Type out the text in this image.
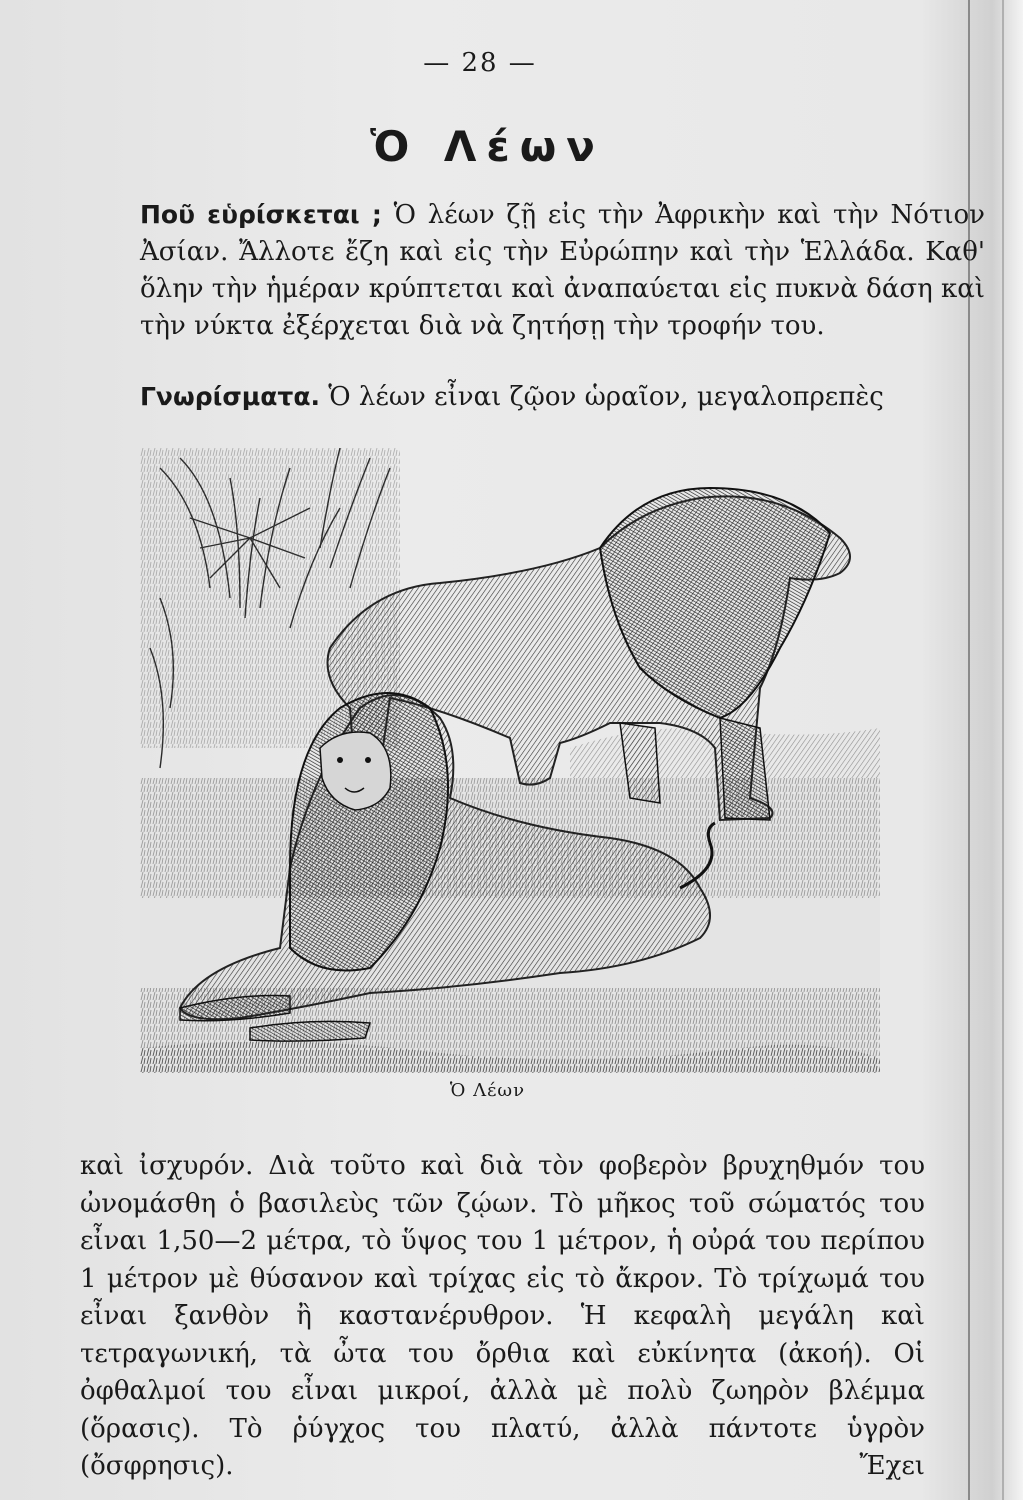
— 28 —
Ὁ Λέων

Ποῦ εὑρίσκεται ; Ὁ λέων ζῇ εἰς τὴν Ἀφρικὴν καὶ τὴν Νότιον Ἀσίαν. Ἄλλοτε ἔζη καὶ εἰς τὴν Εὐρώπην καὶ τὴν Ἑλλάδα. Καθ' ὅλην τὴν ἡμέραν κρύπτεται καὶ ἀναπαύεται εἰς πυκνὰ δάση καὶ τὴν νύκτα ἐξέρχεται διὰ νὰ ζητήσῃ τὴν τροφήν του.

Γνωρίσματα. Ὁ λέων εἶναι ζῷον ὡραῖον, μεγαλοπρεπὲς

Ὁ Λέων

καὶ ἰσχυρόν. Διὰ τοῦτο καὶ διὰ τὸν φοβερὸν βρυχηθμόν του ὠνομάσθη ὁ βασιλεὺς τῶν ζῴων. Τὸ μῆκος τοῦ σώματός του εἶναι 1,50—2 μέτρα, τὸ ὕψος του 1 μέτρον, ἡ οὐρά του περίπου 1 μέτρον μὲ θύσανον καὶ τρίχας εἰς τὸ ἄκρον. Τὸ τρίχωμά του εἶναι ξανθὸν ἢ καστανέρυθρον. Ἡ κεφαλὴ μεγάλη καὶ τετραγωνική, τὰ ὦτα του ὄρθια καὶ εὐκίνητα (ἀκοή). Οἱ ὀφθαλμοί του εἶναι μικροί, ἀλλὰ μὲ πολὺ ζωηρὸν βλέμμα (ὅρασις). Τὸ ῥύγχος του πλατύ, ἀλλὰ πάντοτε ὑγρὸν (ὄσφρησις). Ἔχει
